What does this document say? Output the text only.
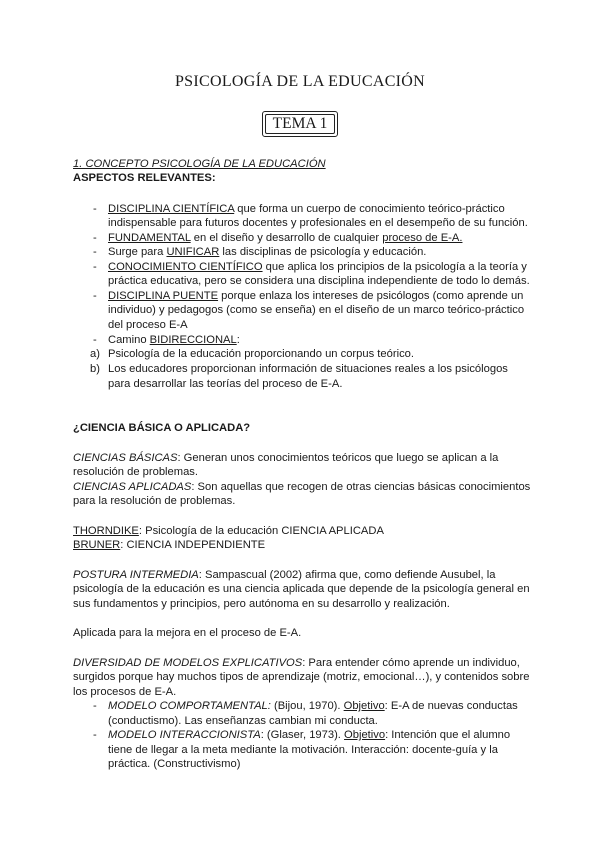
PSICOLOGÍA DE LA EDUCACIÓN
TEMA 1
1. CONCEPTO PSICOLOGÍA DE LA EDUCACIÓN
ASPECTOS RELEVANTES:
-	DISCIPLINA CIENTÍFICA que forma un cuerpo de conocimiento teórico-práctico
indispensable para futuros docentes y profesionales en el desempeño de su función.
-	FUNDAMENTAL en el diseño y desarrollo de cualquier proceso de E-A.
-	Surge para UNIFICAR las disciplinas de psicología y educación.
-	CONOCIMIENTO CIENTÍFICO que aplica los principios de la psicología a la teoría y
práctica educativa, pero se considera una disciplina independiente de todo lo demás.
-	DISCIPLINA PUENTE porque enlaza los intereses de psicólogos (como aprende un
individuo) y pedagogos (como se enseña) en el diseño de un marco teórico-práctico
del proceso E-A
-	Camino BIDIRECCIONAL:
a) Psicología de la educación proporcionando un corpus teórico.
b) Los educadores proporcionan información de situaciones reales a los psicólogos
para desarrollar las teorías del proceso de E-A.
¿CIENCIA BÁSICA O APLICADA?
CIENCIAS BÁSICAS: Generan unos conocimientos teóricos que luego se aplican a la
resolución de problemas.
CIENCIAS APLICADAS: Son aquellas que recogen de otras ciencias básicas conocimientos
para la resolución de problemas.
THORNDIKE: Psicología de la educación CIENCIA APLICADA
BRUNER: CIENCIA INDEPENDIENTE
POSTURA INTERMEDIA: Sampascual (2002) afirma que, como defiende Ausubel, la
psicología de la educación es una ciencia aplicada que depende de la psicología general en
sus fundamentos y principios, pero autónoma en su desarrollo y realización.
Aplicada para la mejora en el proceso de E-A.
DIVERSIDAD DE MODELOS EXPLICATIVOS: Para entender cómo aprende un individuo,
surgidos porque hay muchos tipos de aprendizaje (motriz, emocional…), y contenidos sobre
los procesos de E-A.
-	MODELO COMPORTAMENTAL: (Bijou, 1970). Objetivo: E-A de nuevas conductas
(conductismo). Las enseñanzas cambian mi conducta.
-	MODELO INTERACCIONISTA: (Glaser, 1973). Objetivo: Intención que el alumno
tiene de llegar a la meta mediante la motivación. Interacción: docente-guía y la
práctica. (Constructivismo)
